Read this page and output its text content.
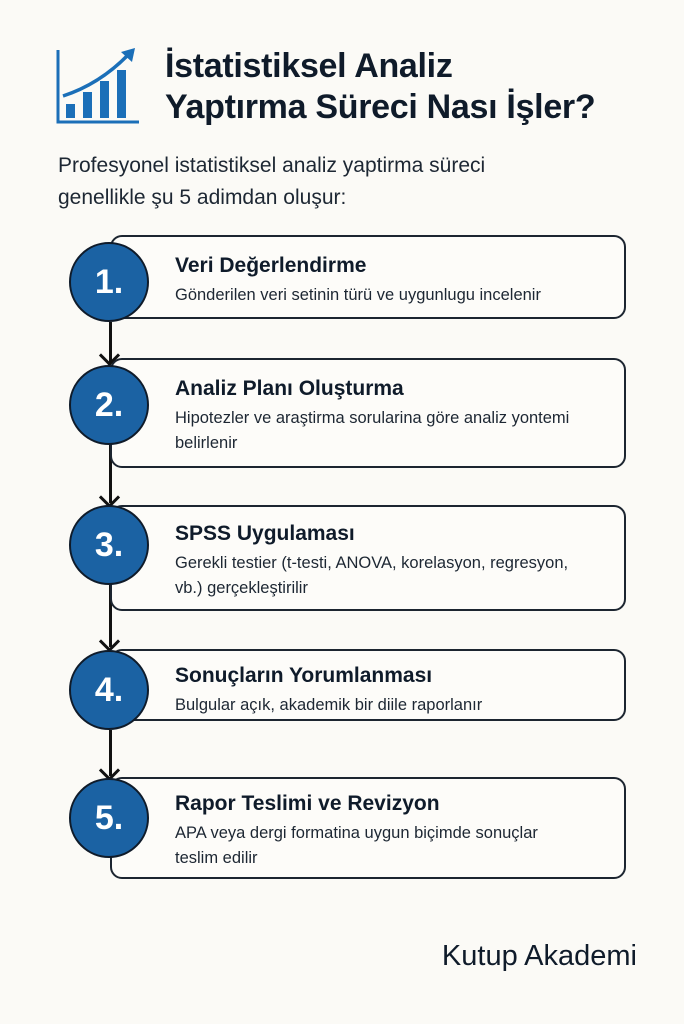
İstatistiksel Analiz
Yaptırma Süreci Nası İşler?
Profesyonel istatistiksel analiz yaptirma süreci
genellikle şu 5 adimdan oluşur:
Veri Değerlendirme

Gönderilen veri setinin türü ve uygunlugu incelenir

1.
Analiz Planı Oluşturma

Hipotezler ve araştirma sorularina göre analiz yontemi belirlenir

2.
SPSS Uygulaması

Gerekli testier (t-testi, ANOVA, korelasyon, regresyon, vb.) gerçekleştirilir

3.
Sonuçların Yorumlanması

Bulgular açık, akademik bir diile raporlanır

4.
Rapor Teslimi ve Revizyon

APA veya dergi formatina uygun biçimde sonuçlar teslim edilir

5.
Kutup Akademi
